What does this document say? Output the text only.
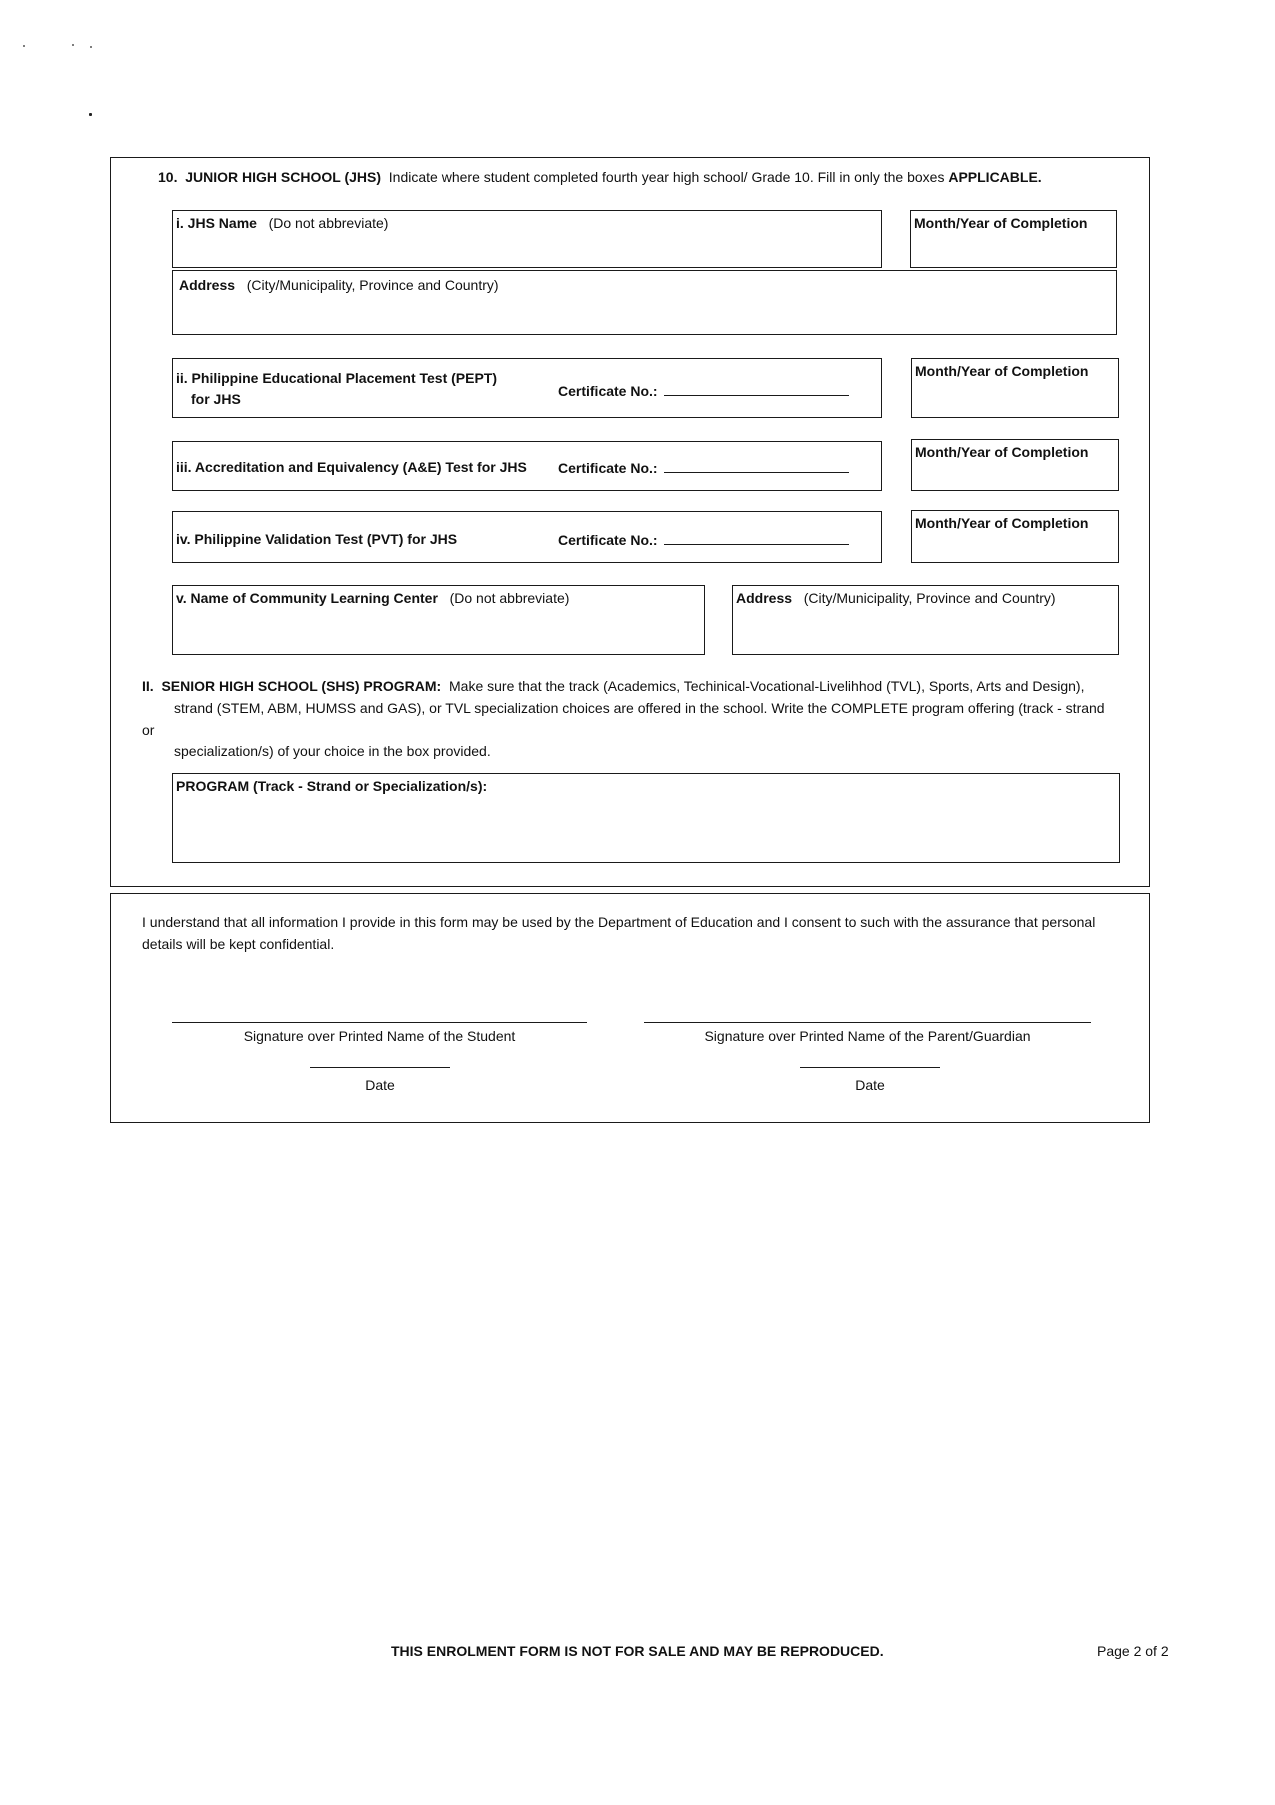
10. JUNIOR HIGH SCHOOL (JHS) Indicate where student completed fourth year high school/ Grade 10. Fill in only the boxes APPLICABLE.
i. JHS Name (Do not abbreviate)	Month/Year of Completion
Address (City/Municipality, Province and Country)
ii. Philippine Educational Placement Test (PEPT)
for JHS	Certificate No.:
Month/Year of Completion
iii. Accreditation and Equivalency (A&E) Test for JHS Certificate No.:
Month/Year of Completion
iv. Philippine Validation Test (PVT) for JHS	Certificate No.:
Month/Year of Completion
v. Name of Community Learning Center (Do not abbreviate)	Address (City/Municipality, Province and Country)
II. SENIOR HIGH SCHOOL (SHS) PROGRAM: Make sure that the track (Academics, Techinical-Vocational-Livelihhod (TVL), Sports, Arts and Design),
strand (STEM, ABM, HUMSS and GAS), or TVL specialization choices are offered in the school. Write the COMPLETE program offering (track - strand
or
specialization/s) of your choice in the box provided.
PROGRAM (Track - Strand or Specialization/s):
I understand that all information I provide in this form may be used by the Department of Education and I consent to such with the assurance that personal
details will be kept confidential.
Signature over Printed Name of the Student	Signature over Printed Name of the Parent/Guardian
Date	Date
THIS ENROLMENT FORM IS NOT FOR SALE AND MAY BE REPRODUCED.	Page 2 of 2
